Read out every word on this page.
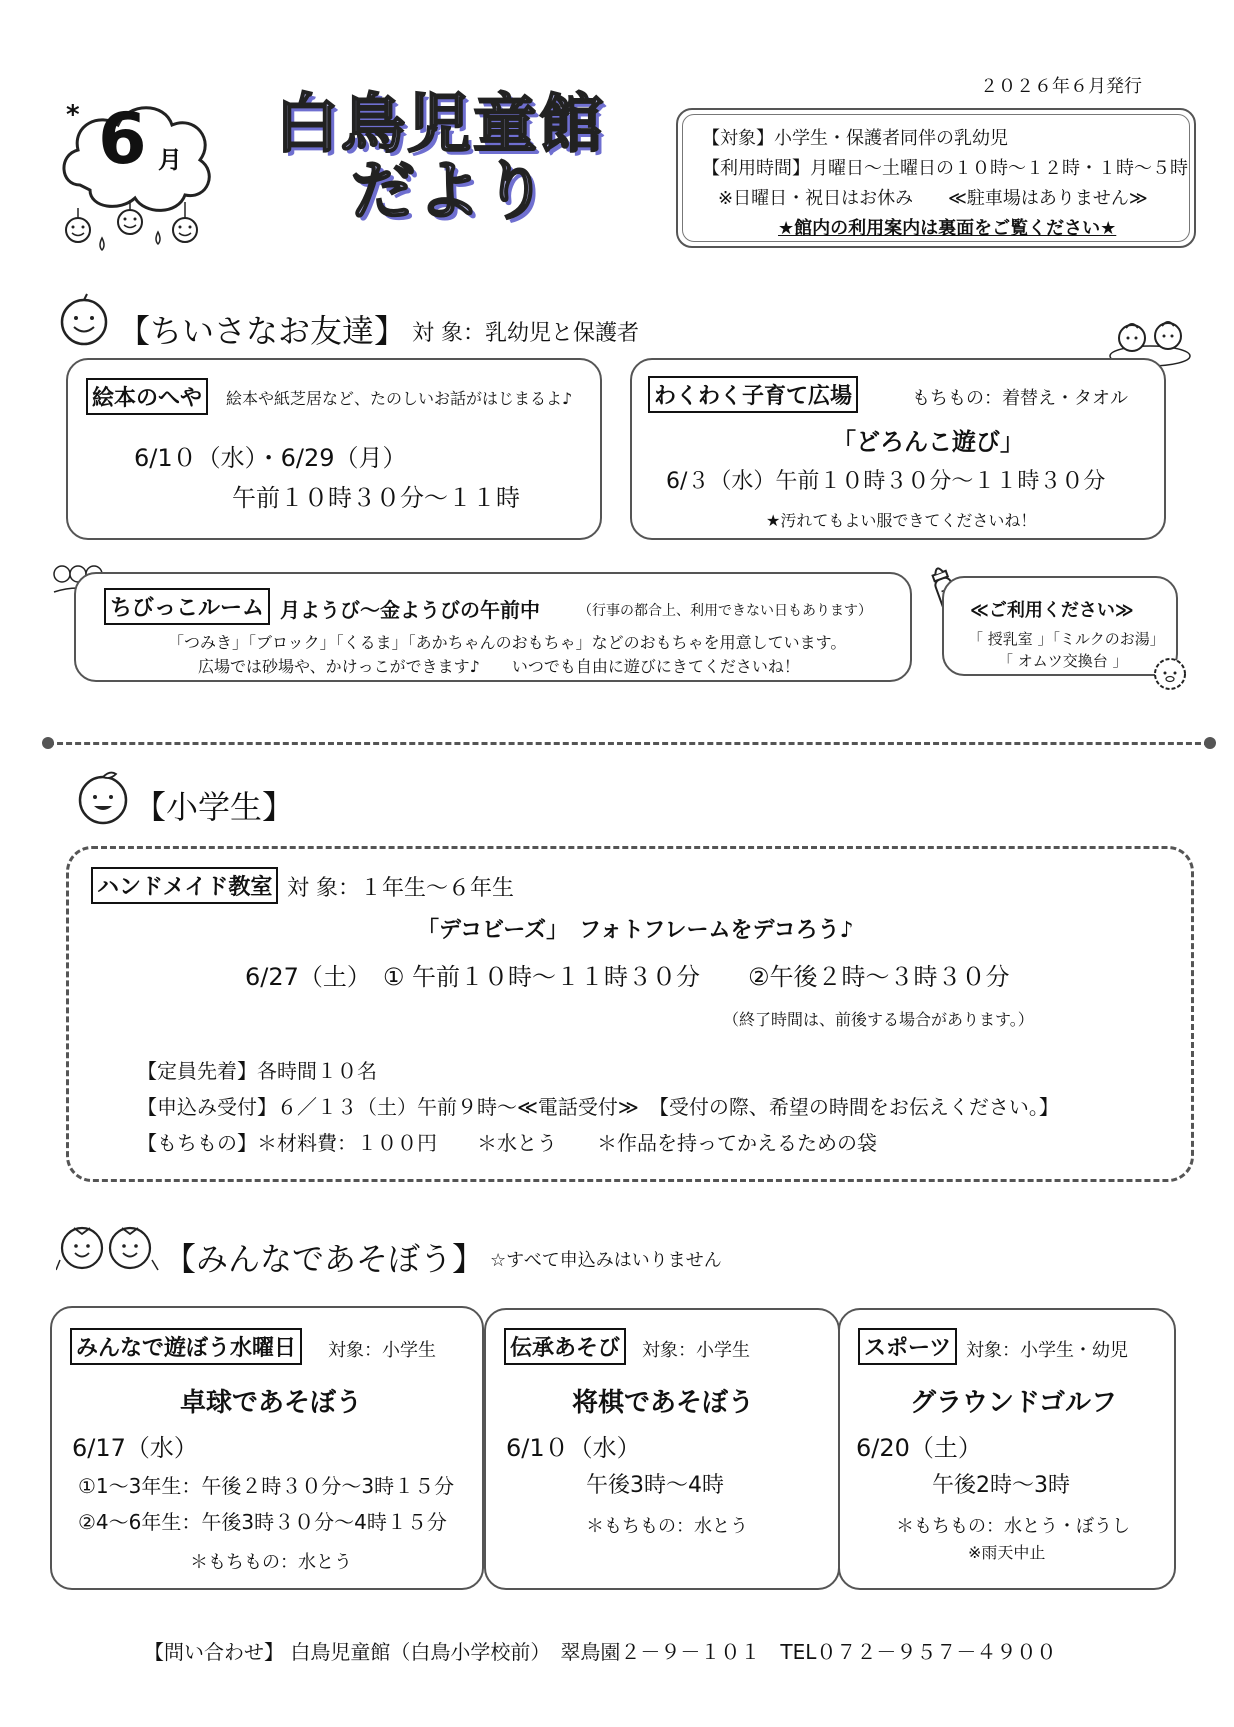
２０２６年６月発行
* 6 月	白鳥児童館
だより
【対象】小学生・保護者同伴の乳幼児
【利用時間】月曜日～土曜日の１０時～１２時・１時～５時
※日曜日・祝日はお休み ≪駐車場はありません≫
★館内の利用案内は裏面をご覧ください★
【ちいさなお友達】 対 象：乳幼児と保護者
絵本のへや	絵本や紙芝居など、たのしいお話がはじまるよ♪
6/1０（水）・6/29（月）
午前１０時３０分～１１時
わくわく子育て広場	もちもの：着替え・タオル
「どろんこ遊び」
6/３（水）午前１０時３０分～１１時３０分
★汚れてもよい服できてくださいね！
ちびっこルーム 月ようび～金ようびの午前中	（行事の都合上、利用できない日もあります）
「つみき」「ブロック」「くるま」「あかちゃんのおもちゃ」などのおもちゃを用意しています。
広場では砂場や、かけっこができます♪　　いつでも自由に遊びにきてくださいね！
≪ご利用ください≫
「 授乳室 」「ミルクのお湯」
「 オムツ交換台 」
【小学生】
ハンドメイド教室 対 象：１年生～６年生
「デコビーズ」　フォトフレームをデコろう♪
6/27（土）　① 午前１０時～１１時３０分　　②午後２時～３時３０分
（終了時間は、前後する場合があります。）
【定員先着】各時間１０名
【申込み受付】６／１３（土）午前９時～≪電話受付≫　【受付の際、希望の時間をお伝えください。】
【もちもの】＊材料費：１００円　　＊水とう　　＊作品を持ってかえるための袋
【みんなであそぼう】 ☆すべて申込みはいりません
みんなで遊ぼう水曜日	対象：小学生
卓球であそぼう
6/17（水）
①1～3年生：午後２時３０分～3時１５分
②4～6年生：午後3時３０分～4時１５分
＊もちもの：水とう
伝承あそび	対象：小学生
将棋であそぼう
6/1０（水）
午後3時～4時
＊もちもの：水とう
スポーツ 対象：小学生・幼児
グラウンドゴルフ
6/20（土）
午後2時～3時
＊もちもの：水とう・ぼうし
※雨天中止
【問い合わせ】 白鳥児童館（白鳥小学校前）　翠鳥園２－９－１０１　TEL０７２－９５７－４９００
